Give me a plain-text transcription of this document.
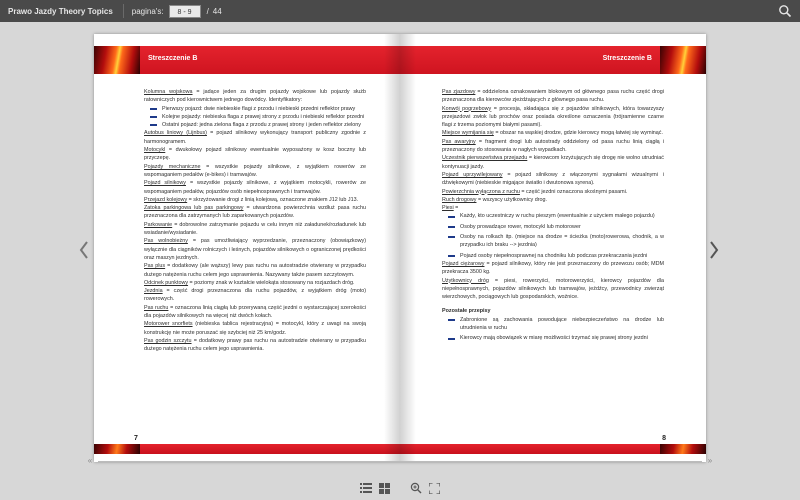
Prawo Jazdy Theory Topics pagina's:	8 - 9	/ 44
Streszczenie B

Kolumna wojskowa = jadące jeden za drugim pojazdy wojskowe lub pojazdy służb ratowniczych pod kierownictwem jednego dowódcy. Identyfikatory:

Pierwszy pojazd: dwie niebieskie flagi z przodu i niebieski przedni reflektor prawy
Kolejne pojazdy: niebieska flaga z prawej strony z przodu i niebieski reflektor przedni
Ostatni pojazd: jedna zielona flaga z przodu z prawej strony i jeden reflektor zielony

Autobus liniowy (Lijnbus) = pojazd silnikowy wykonujący transport publiczny zgodnie z harmonogramem.

Motocykl = dwukołowy pojazd silnikowy ewentualnie wyposażony w kosz boczny lub przyczepę.

Pojazdy mechaniczne = wszystkie pojazdy silnikowe, z wyjątkiem rowerów ze wspomaganiem pedałów (e-bikes) i tramwajów.

Pojazd silnikowy = wszystkie pojazdy silnikowe, z wyjątkiem motocykli, rowerów ze wspomaganiem pedałów, pojazdów osób niepełnosprawnych i tramwajów.

Przejazd kolejowy = skrzyżowanie drogi z linią kolejową, oznaczone znakiem J12 lub J13.

Zatoka parkingowa lub pas parkingowy = utwardzona powierzchnia wzdłuż pasa ruchu przeznaczona dla zatrzymanych lub zaparkowanych pojazdów.

Parkowanie = dobrowolne zatrzymanie pojazdu w celu innym niż załadunek/rozładunek lub wsiadanie/wysiadanie.

Pas wolnobieżny = pas umożliwiający wyprzedzanie, przeznaczony (obowiązkowy) wyłącznie dla ciągników rolniczych i leśnych, pojazdów silnikowych o ograniczonej prędkości oraz maszyn jezdnych.

Pas plus = dodatkowy (ale wąższy) lewy pas ruchu na autostradzie otwierany w przypadku dużego natężenia ruchu celem jego usprawnienia. Nazywany także pasem szczytowym.

Odcinek punktowy = poziomy znak w kształcie wielokąta stosowany na rozjazdach dróg.

Jezdnia = część drogi przeznaczona dla ruchu pojazdów, z wyjątkiem dróg (moto) rowerowych.

Pas ruchu = oznaczona linią ciągłą lub przerywaną część jezdni o wystarczającej szerokości dla pojazdów silnikowych na więcej niż dwóch kołach.

Motorower snorfiets (niebieska tablica rejestracyjna) = motocykl, który z uwagi na swoją konstrukcję nie może poruszać się szybciej niż 25 km/godz.

Pas godzin szczytu = dodatkowy prawy pas ruchu na autostradzie otwierany w przypadku dużego natężenia ruchu celem jego usprawnienia.

7
Streszczenie B

Pas zjazdowy = oddzielona oznakowaniem blokowym od głównego pasa ruchu część drogi przeznaczona dla kierowców zjeżdżających z głównego pasa ruchu.

Konwój pogrzebowy = procesja, składająca się z pojazdów silnikowych, która towarzyszy przejazdowi zwłok lub prochów oraz posiada określone oznaczenia (trójramienne czarne flagi z trzema poziomymi białymi pasami).

Miejsce wymijania się = obszar na wąskiej drodze, gdzie kierowcy mogą łatwiej się wyminąć.

Pas awaryjny = fragment drogi lub autostrady oddzielony od pasa ruchu linią ciągłą i przeznaczony do stosowania w nagłych wypadkach.

Uczestnik pierwszeństwa przejazdu = kierowcom krzyżujących się drogę nie wolno utrudniać kontynuacji jazdy.

Pojazd uprzywilejowany = pojazd silnikowy z włączonymi sygnałami wizualnymi i dźwiękowymi (niebieskie migające światło i dwutonowa syrena).

Powierzchnia wyłączona z ruchu = część jezdni oznaczona skośnymi pasami.

Ruch drogowy = wszyscy użytkownicy drog.

Piesi =

Każdy, kto uczestniczy w ruchu pieszym (ewentualnie z użyciem małego pojazdu)
Osoby prowadzące rower, motocykl lub motorower
Osoby na rolkach itp. (miejsce na drodze = ścieżka (moto)rowerowa, chodnik, a w przypadku ich braku --> jezdnia)
Pojazd osoby niepełnosprawnej na chodniku lub podczas przekraczania jezdni

Pojazd ciężarowy = pojazd silnikowy, który nie jest przeznaczony do przewozu osób; MDM przekracza 3500 kg.

Użytkownicy dróg = piesi, rowerzyści, motorowerzyści, kierowcy pojazdów dla niepełnosprawnych, pojazdów silnikowych lub tramwajów, jeźdźcy, przewodnicy zwierząt wierzchowych, pociągowych lub gospodarskich, woźnice.

Pozostałe przepisy

Zabronione są zachowania powodujące niebezpieczeństwo na drodze lub utrudnienia w ruchu
Kierowcy mają obowiązek w miarę możliwości trzymać się prawej strony jezdni
8
«	»
